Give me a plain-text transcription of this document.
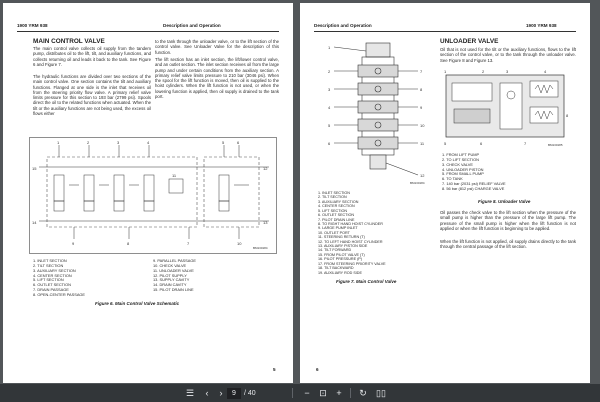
1900 YRM 938	Description and Operation
MAIN CONTROL VALVE

The main control valve collects oil supply from the tandem pump, distributes oil to the lift, tilt, and auxiliary functions, and collects returning oil and leads it back to the tank. See Figure 6 and Figure 7.

The hydraulic functions are divided over two sections of the main control valve. One section contains the tilt and auxiliary functions. Flanged at one side is the inlet that receives oil from the steering priority flow valve. A primary relief valve limits pressure for this section to 193 bar (2799 psi). Spools direct the oil to the related functions when actuated. When the tilt or the auxiliary functions are not being used, the excess oil flows either

to the tank through the unloader valve, or to the lift section of the control valve. See Unloader Valve for the description of this function.

The lift section has an inlet section, the lift/lower control valve, and an outlet section. The inlet section receives oil from the large pump and under certain conditions from the auxiliary section. A primary relief valve limits pressure to 210 bar (3046 psi). When the spool for the lift function is moved, then oil is supplied to the hoist cylinders. When the lift function is not used, or when the lowering function is applied, then oil supply is drained to the tank port.

1	2	3	4	5	6
9	8	7	10
11
15
14
12
13
BM130184
1. INLET SECTION
2. TILT SECTION
3. AUXILIARY SECTION
4. CENTER SECTION
5. LIFT SECTION
6. OUTLET SECTION
7. DRAIN PASSAGE
8. OPEN-CENTER PASSAGE
9. PARALLEL PASSAGE
10. CHECK VALVE
11. UNLOADER VALVE
12. PILOT SUPPLY
13. SUPPLY CAVITY
14. DRAIN CAVITY
15. PILOT DRAIN LINE
Figure 6. Main Control Valve Schematic
5
Description and Operation	1900 YRM 938
1
2
3
4
5
6
7
8
9
10
11
12
BM130184
1. INLET SECTION
2. TILT SECTION
3. AUXILIARY SECTION
4. CENTER SECTION
5. LIFT SECTION
6. OUTLET SECTION
7. PILOT DRAIN LINE
8. TO RIGHT HAND HOIST CYLINDER
9. LARGE PUMP INLET
10. OUTLET PORT
11. STEERING RETURN (T)
12. TO LEFT HAND HOIST CYLINDER
13. AUXILIARY PISTON SIDE
14. TILT FORWARD
15. FROM PILOT VALVE (T)
16. PILOT PRESSURE (P)
17. FROM STEERING PRIORITY VALVE
18. TILT BACKWARD
19. AUXILIARY ROD SIDE
Figure 7. Main Control Valve
UNLOADER VALVE

Oil that is not used for the tilt or the auxiliary functions, flows to the lift section of the control valve, or to the tank through the unloader valve. See Figure 8 and Figure 13.

1	2	3	4
5	6	7
8
BM130185
1. FROM LIFT PUMP
2. TO LIFT SECTION
3. CHECK VALVE
4. UNLOADER PISTON
5. FROM SMALL PUMP
6. TO TANK
7. 140 bar (2031 psi) RELIEF VALVE
8. 56 bar (812 psi) CHARGE VALVE
Figure 8. Unloader Valve

Oil passes the check valve to the lift section when the pressure of the small pump is higher than the pressure of the large lift pump. The pressure of the small pump is higher when the lift function is not applied or when the lift function is beginning to be applied.

When the lift function is not applied, oil supply drains directly to the tank through the central passage of the lift section.

6
☰	‹	›
9	/ 40	−	⊡	+	↻	▯▯
